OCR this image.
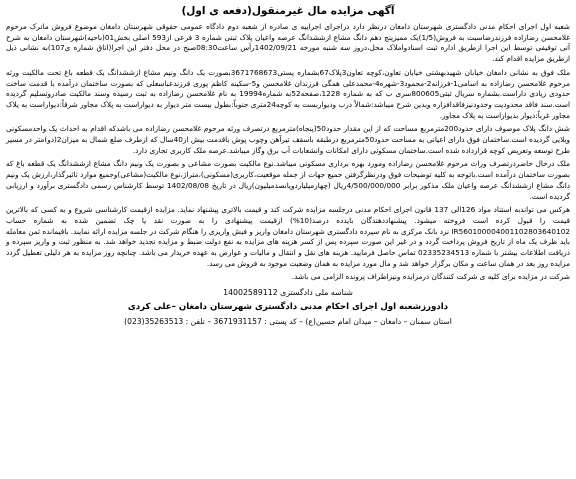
آگهی مزایده مال غیرمنقول(دفعه ی اول)

شعبه اول اجرای احکام مدنی دادگستری شهرستان دامغان درنظر دارد دراجرای اجراییه ی صادره از شعبه دوم دادگاه عمومی حقوقی شهرستان دامغان موضوع فروش ماترک مرحوم غلامحسن رضازاده فرزندرضاسبت به فروش(1/5)یک ممیزپنج دهم دانگ مشاع ازششدانگ عرصه واعیان پلاک ثبتی شماره 3 فرعی از593 اصلی بخش01(ناحیه)شهرستان دامغان به شرح آتی توقیفی توسط این اجرا ازطریق اداره ثبت اسنادواملاک محل،دروز سه شنبه مورخه 1402/09/21رأس ساعت08:30صبح در محل دفتر این اجرا(اتاق شماره ی107)به نشانی ذیل ازطریق مزایده اقدام کند.

ملک فوق به نشانی دامغان خیابان شهیدبهشتی خیابان تعاون،کوچه تعاون3پلاک67بشماره پستی3671768673بصورت یک دانگ ونیم مشاع ازششدانگ یک قطعه باغ تحت مالکیت ورثه مرحوم غلامحسن رضازاده به اسامی1-فرزانه2-محمود3-شهره4-محمدعلی همگی فرزندان غلامحسن و5-سکینه کاظم پوری فرزندعباسعلی که بصورت ساختمان درآمده با قدمت ساخت حدودی زیادی داراست.بشماره سریال ثبتی800605سری ب که به شماره 1228،صفحه52به شماره19994 به نام غلامحسن رضازاده به ثبت رسیده وسند مالکیت صادروتسلیم گردیده است.سند فاقد محدودیت وحدودنیزفاقدافزاره وبدین شرح میباشد:شمالاً درب ودیواربست به کوچه24متری جنوباً:بطول بیست متر دیوار به دیواراست به پلاک مجاور شرقاً:دیواراست به پلاک مجاور غرباً:دیوار بدیواراست به پلاک مجاور.

شش دانگ پلاک موصوف دارای حدود200مترمربع مساحت که از این مقدار حدود50(پنجاه)مترمربع درتصرف ورثه مرحوم غلامحسن رضازاده می باشدکه اقدام به احداث یک واحدمسکونی ویلایی گردیده است.ساختمان فوق دارای اعیانی به مساحت حدود50مترمربع درطبقه باسقف تیرآهن وچوب پوش باقدمت بیش از40سال که ازطرف ضلع شمال به میزان2(دو)متر در مسیر طرح توسعه وتعریض کوچه قرارداده شده است.ساختمان مسکونی دارای امکانات وانشعابات آب برق وگاز میباشد.عرصه ملک کاربری تجاری دارد.

ملک درحال حاضردرتصرف وراث مرحوم غلامحسن رضازاده ومورد بهره برداری مسکونی میباشد.نوع مالکیت بصورت مشاعی و بصورت یک ونیم دانگ مشاع ازششدانگ یک قطعه باغ که بصورت ساختمان درآمده است.باتوجه به کلیه توضیحات فوق ودرنظرگرفتن جمیع جهات از جمله موقعیت،کاربری(مسکونی)،متراژ،نوع مالکیت(مشاعی)وجمیع موارد تاثیرگذار،ارزش یک ونیم دانگ مشاع ازششدانگ عرصه واعیان ملک مذکور برابر 4/500/000/000ریال (چهارمیلیاردوپانصدمیلیون)ریال در تاریخ 1402/08/08 توسط کارشناس رسمی دادگستری برآورد و ارزیابی گردیده است.

هرکس می تواندبه استناد مواد 126الی 137 قانون اجرای احکام مدنی درجلسه مزایده شرکت کند و قیمت بالاتری پیشنهاد نماید. مزایده ازقیمت کارشناسی شروع و به کسی که بالاترین قیمت را قبول کرده است فروخته میشود. پیشنهاددهندگان بایدده درصد(10%) ازقیمت پیشنهادی را به صورت نقد یا چک تضمین شده به شماره حساب IR560100004001102803640102 نزد بانک مرکزی به نام سپرده دادگستری شهرستان دامغان واریز و فیش واریزی را هنگام شرکت در جلسه مزایده ارائه نمایند. باقیمانده ثمن معامله باید ظرف یک ماه از تاریخ فروش پرداخت گردد و در غیر این صورت سپرده پس از کسر هزینه های مزایده به نفع دولت ضبط و مزایده تجدید خواهد شد. به منظور ثبت و واریز سپرده و دریافت اطلاعات بیشتر با شماره 02335234513 تماس حاصل فرمایید. هزینه های نقل و انتقال و مالیات و عوارض به عهده خریدار می باشد. چنانچه روز مزایده به هر دلیلی تعطیل گردد مزایده روز بعد در همان ساعت و مکان برگزار خواهد شد و مال مورد مزایده به همان وضعیت موجود به فروش می رسد.

شرکت در مزایده برای کلیه ی شرکت کنندگان درمزایده ونیزاطراف پرونده الزامی می باشد.

شناسه ملی دادگستری 14002589112
دادورزشعبه اول اجرای احکام مدنی دادگستری شهرستان دامغان –علی کردی
استان سمنان – دامغان – میدان امام حسین(ع) – کد پستی : 3671931157 – تلفن : 35263513(023)
